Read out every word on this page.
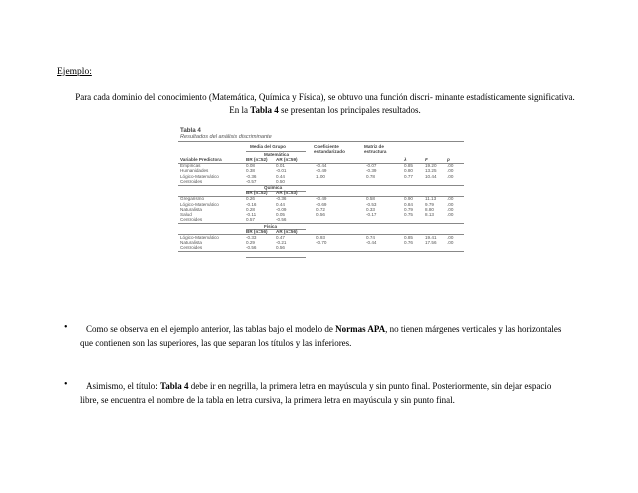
Ejemplo:
Para cada dominio del conocimiento (Matemática, Química y Física), se obtuvo una función discri- minante estadísticamente significativa. En la Tabla 4 se presentan los principales resultados.
Tabla 4
Resultados del análisis discriminante
Media del Grupo	Coeficiente estandarizado
Matriz de estructura
Matemática
BR (n=52) AR (n=59)
Variable Predictora	λ	F	p
Empíricas	0.08	0.01	-0.44	-0.07	0.85	19.20 .00
Humanidades	0.38	-0.01	-0.49	-0.39	0.80	13.25 .00
Lógico-Matemático	-0.36	0.44	1.00	0.78	0.77	10.44 .00
Centroides	-0.57	0.50
Química
BR (n=52) AR (n=53)
Gregarismo	0.26	-0.36	-0.49	0.58	0.90	11.13 .00
Lógico-Matemático	-0.16	0.44	-0.69	-0.53	0.84	9.79	.00
Naturalista	0.28	-0.09	0.72	0.33	0.79	8.80	.00
Salud	-0.11	0.05	0.56	-0.17	0.75	8.13	.00
Centroides	0.57	-0.56
Física
BR (n=56) AR (n=56)
Lógico-Matemático	-0.33	0.47	0.93	0.74	0.85	19.41 .00
Naturalista	0.29	-0.21	-0.70	-0.44	0.76	17.56 .00
Centroides	-0.56	0.56
•	Como se observa en el ejemplo anterior, las tablas bajo el modelo de Normas APA, no tienen márgenes verticales y las horizontales que contienen son las superiores, las que separan los títulos y las inferiores.
•	Asimismo, el título: Tabla 4 debe ir en negrilla, la primera letra en mayúscula y sin punto final. Posteriormente, sin dejar espacio libre, se encuentra el nombre de la tabla en letra cursiva, la primera letra en mayúscula y sin punto final.
